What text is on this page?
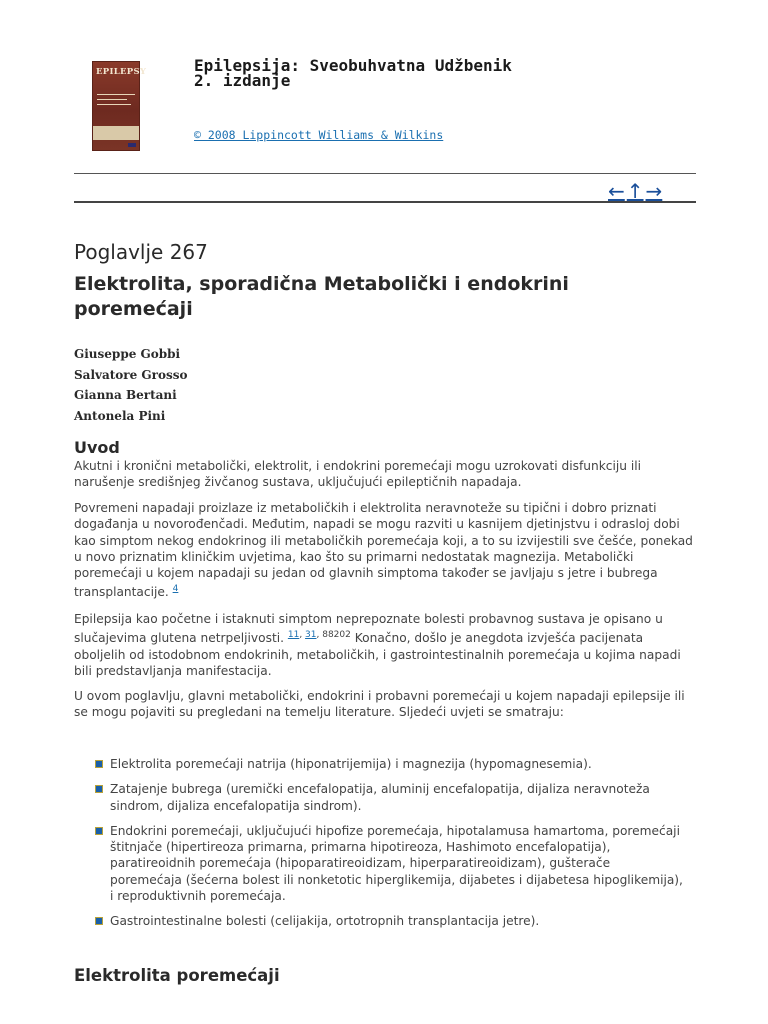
EPILEPSY	Epilepsija: Sveobuhvatna Udžbenik
2. izdanje
© 2008 Lippincott Williams & Wilkins
← ↑ →
Poglavlje 267
Elektrolita, sporadična Metabolički i endokrini poremećaji
Giuseppe Gobbi
Salvatore Grosso
Gianna Bertani
Antonela Pini
Uvod
Akutni i kronični metabolički, elektrolit, i endokrini poremećaji mogu uzrokovati disfunkciju ili narušenje središnjeg živčanog sustava, uključujući epileptičnih napadaja.
Povremeni napadaji proizlaze iz metaboličkih i elektrolita neravnoteže su tipični i dobro priznati događanja u novorođenčadi. Međutim, napadi se mogu razviti u kasnijem djetinjstvu i odrasloj dobi kao simptom nekog endokrinog ili metaboličkih poremećaja koji, a to su izvijestili sve češće, ponekad u novo priznatim kliničkim uvjetima, kao što su primarni nedostatak magnezija. Metabolički poremećaji u kojem napadaji su jedan od glavnih simptoma također se javljaju s jetre i bubrega transplantacije. $^4$
Epilepsija kao početne i istaknuti simptom neprepoznate bolesti probavnog sustava je opisano u slučajevima glutena netrpeljivosti. $^{11,}$ $^{31,}$ $^{88202}$ Konačno, došlo je anegdota izvješća pacijenata oboljelih od istodobnom endokrinih, metaboličkih, i gastrointestinalnih poremećaja u kojima napadi bili predstavljanja manifestacija.
U ovom poglavlju, glavni metabolički, endokrini i probavni poremećaji u kojem napadaji epilepsije ili se mogu pojaviti su pregledani na temelju literature. Sljedeći uvjeti se smatraju:
Elektrolita poremećaji natrija (hiponatrijemija) i magnezija (hypomagnesemia).
Zatajenje bubrega (uremički encefalopatija, aluminij encefalopatija, dijaliza neravnoteža sindrom, dijaliza encefalopatija sindrom).
Endokrini poremećaji, uključujući hipofize poremećaja, hipotalamusa hamartoma, poremećaji štitnjače (hipertireoza primarna, primarna hipotireoza, Hashimoto encefalopatija), paratireoidnih poremećaja (hipoparatireoidizam, hiperparatireoidizam), gušterače poremećaja (šećerna bolest ili nonketotic hiperglikemija, dijabetes i dijabetesa hipoglikemija), i reproduktivnih poremećaja.
Gastrointestinalne bolesti (celijakija, ortotropnih transplantacija jetre).
Elektrolita poremećaji
